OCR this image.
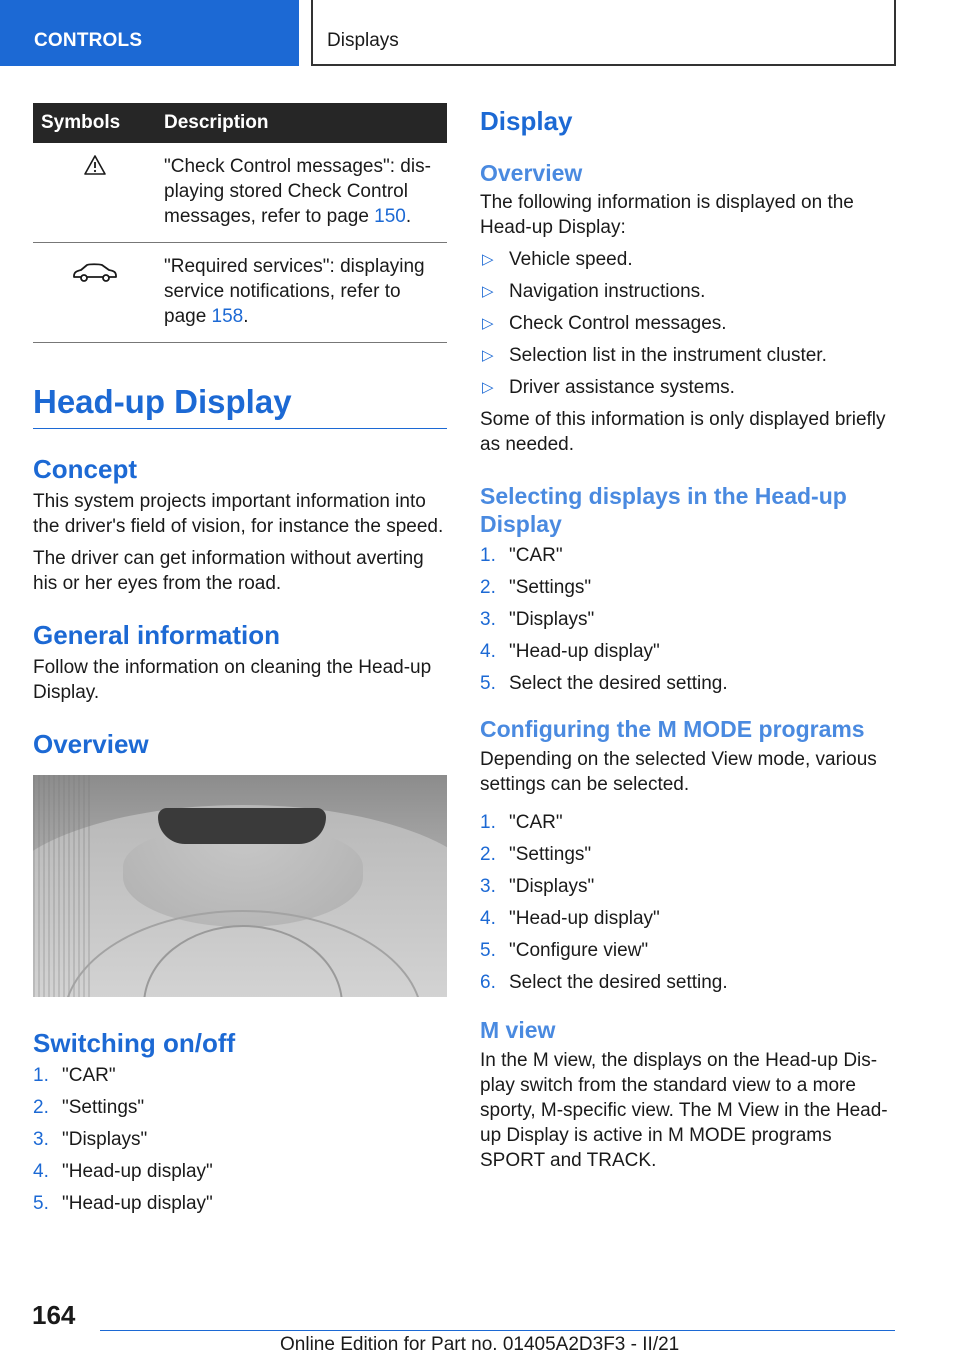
CONTROLS	Displays
Symbols	Description

	"Check Control messages": dis-playing stored Check Control messages, refer to page 150.

	"Required services": displaying service notifications, refer to page 158.
Head-up Display
Concept

This system projects important information into the driver's field of vision, for instance the speed.

The driver can get information without averting his or her eyes from the road.

General information

Follow the information on cleaning the Head-up Display.

Overview
Switching on/off
1. "CAR"
2. "Settings"
3. "Displays"
4. "Head-up display"
5. "Head-up display"
Display
Overview

The following information is displayed on the Head-up Display:

▷ Vehicle speed.
▷ Navigation instructions.
▷ Check Control messages.
▷ Selection list in the instrument cluster.
▷ Driver assistance systems.

Some of this information is only displayed briefly as needed.

Selecting displays in the Head-up Display
1. "CAR"
2. "Settings"
3. "Displays"
4. "Head-up display"
5. Select the desired setting.
Configuring the M MODE programs

Depending on the selected View mode, various settings can be selected.

1. "CAR"
2. "Settings"
3. "Displays"
4. "Head-up display"
5. "Configure view"
6. Select the desired setting.
M view

In the M view, the displays on the Head-up Dis-play switch from the standard view to a more sporty, M-specific view. The M View in the Head-up Display is active in M MODE programs SPORT and TRACK.

164
Online Edition for Part no. 01405A2D3F3 - II/21
